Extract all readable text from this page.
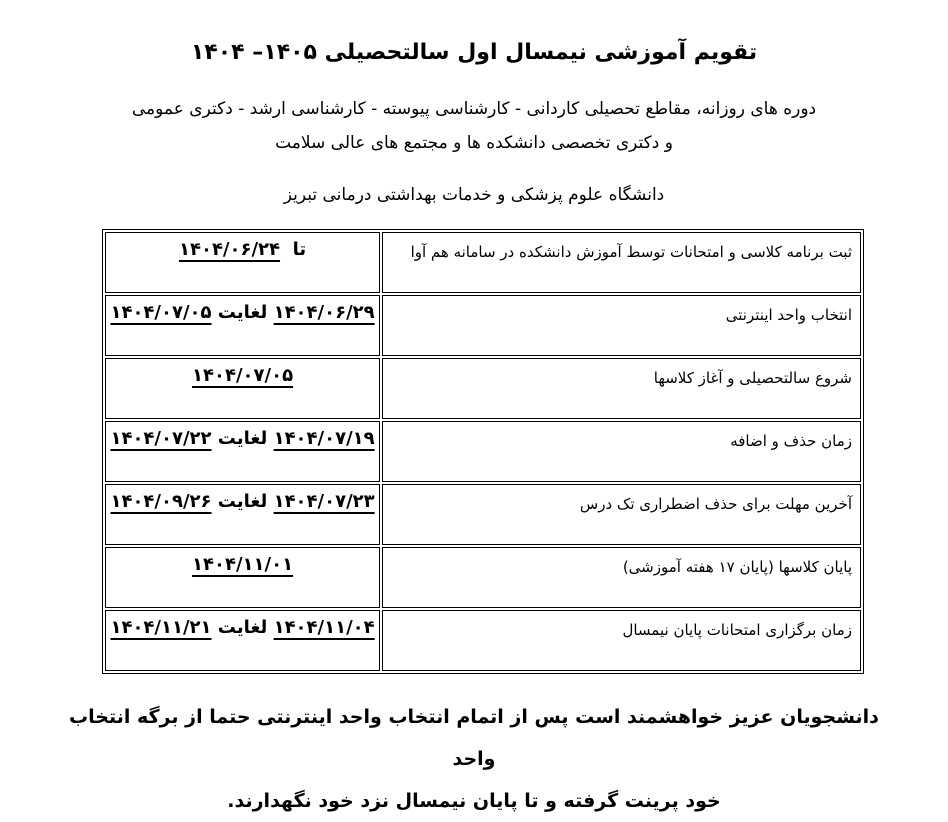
تقویم آموزشی نیمسال اول سالتحصیلی ۱۴۰۵– ۱۴۰۴
دوره های روزانه، مقاطع تحصیلی کاردانی - کارشناسی پیوسته - کارشناسی ارشد - دکتری عمومی
و دکتری تخصصی دانشکده ها و مجتمع های عالی سلامت
دانشگاه علوم پزشکی و خدمات بهداشتی درمانی تبریز
ثبت برنامه کلاسی و امتحانات توسط آموزش دانشکده در سامانه هم آوا	تا  ۱۴۰۴/۰۶/۲۴
انتخاب واحد اینترنتی	۱۴۰۴/۰۶/۲۹ لغایت ۱۴۰۴/۰۷/۰۵
شروع سالتحصیلی و آغاز کلاسها	۱۴۰۴/۰۷/۰۵
زمان حذف و اضافه	۱۴۰۴/۰۷/۱۹ لغایت ۱۴۰۴/۰۷/۲۲
آخرین مهلت برای حذف اضطراری تک درس	۱۴۰۴/۰۷/۲۳ لغایت ۱۴۰۴/۰۹/۲۶
پایان کلاسها (پایان ۱۷ هفته آموزشی)	۱۴۰۴/۱۱/۰۱
زمان برگزاری امتحانات پایان نیمسال	۱۴۰۴/۱۱/۰۴ لغایت ۱۴۰۴/۱۱/۲۱
دانشجویان عزیز خواهشمند است پس از اتمام انتخاب واحد اینترنتی حتما از برگه انتخاب واحد
خود پرینت گرفته و تا پایان نیمسال نزد خود نگهدارند.
